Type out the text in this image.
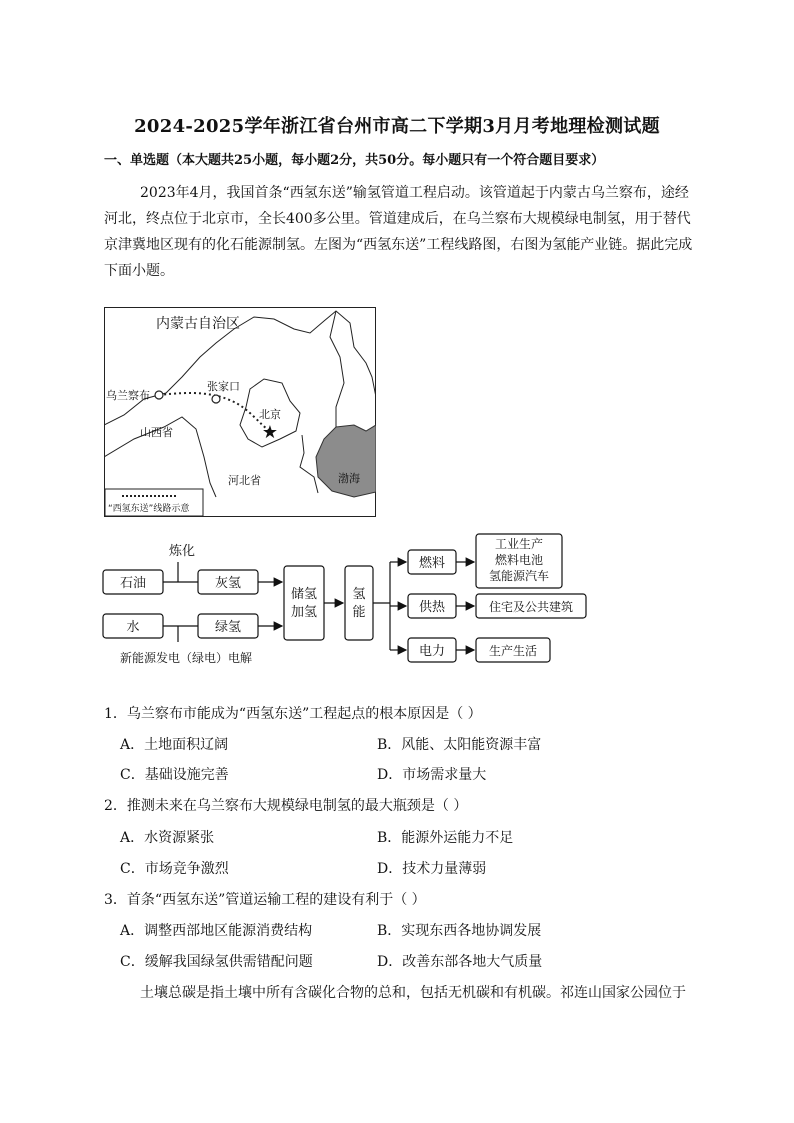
2024-2025学年浙江省台州市高二下学期3月月考地理检测试题
一、单选题（本大题共25小题，每小题2分，共50分。每小题只有一个符合题目要求）
2023年4月，我国首条“西氢东送”输氢管道工程启动。该管道起于内蒙古乌兰察布，途经
河北，终点位于北京市，全长400多公里。管道建成后，在乌兰察布大规模绿电制氢，用于替代
京津冀地区现有的化石能源制氢。左图为“西氢东送”工程线路图，右图为氢能产业链。据此完成
下面小题。
★
内蒙古自治区
乌兰察布
张家口
北京
山西省
河北省	渤海
“西氢东送”线路示意
石油
炼化
灰氢
水	绿氢
新能源发电（绿电）电解
储氢
加氢
氢
能
燃料
供热
电力
工业生产
燃料电池
氢能源汽车
住宅及公共建筑
生产生活
1．乌兰察布市能成为“西氢东送”工程起点的根本原因是（ ）
A．土地面积辽阔	B．风能、太阳能资源丰富
C．基础设施完善	D．市场需求量大
2．推测未来在乌兰察布大规模绿电制氢的最大瓶颈是（ ）
A．水资源紧张	B．能源外运能力不足
C．市场竞争激烈	D．技术力量薄弱
3．首条“西氢东送”管道运输工程的建设有利于（ ）
A．调整西部地区能源消费结构	B．实现东西各地协调发展
C．缓解我国绿氢供需错配问题	D．改善东部各地大气质量
土壤总碳是指土壤中所有含碳化合物的总和，包括无机碳和有机碳。祁连山国家公园位于
